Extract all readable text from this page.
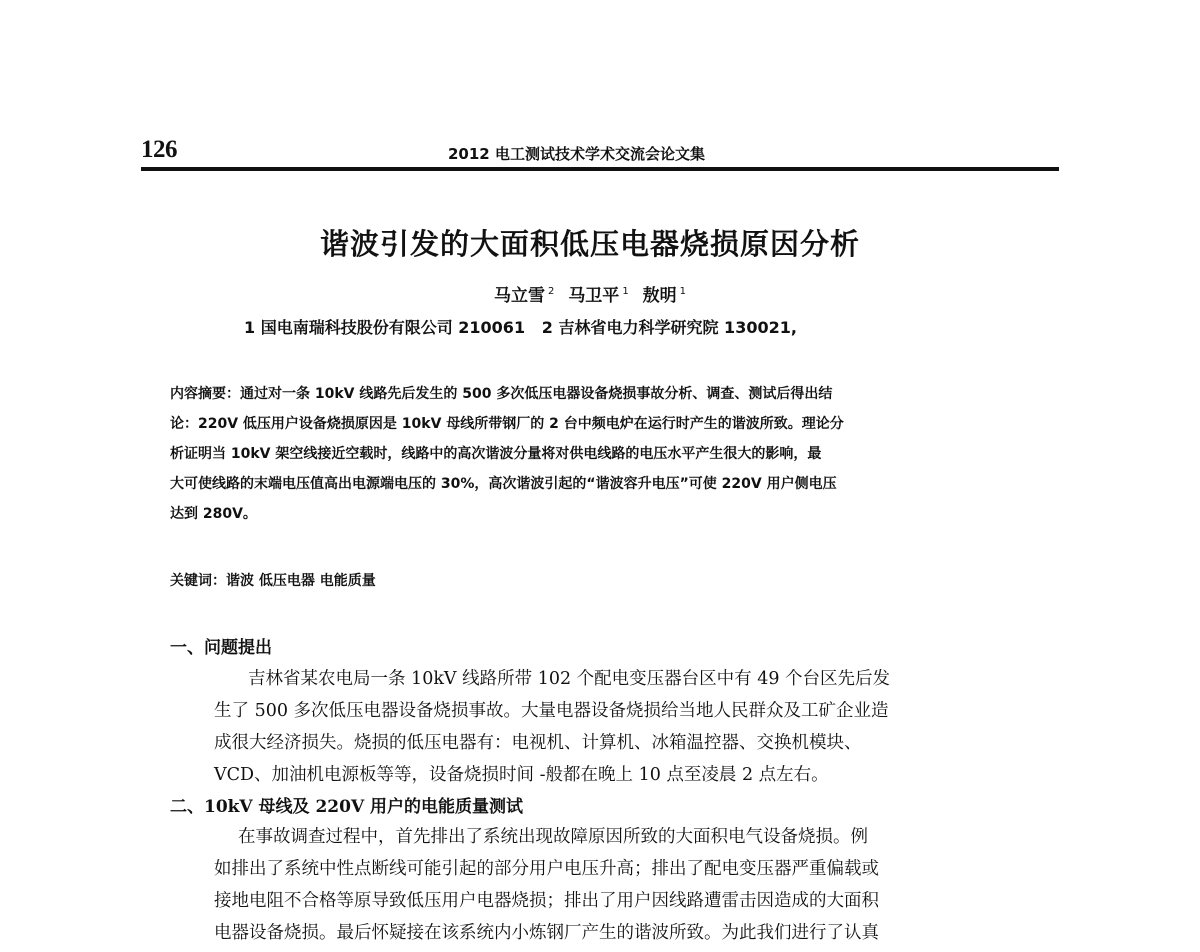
126	2012 电工测试技术学术交流会论文集
谐波引发的大面积低压电器烧损原因分析
马立雪 $^2$ 马卫平 $^1$ 敖明 $^1$
1 国电南瑞科技股份有限公司 210061   2 吉林省电力科学研究院 130021,
内容摘要：通过对一条 10kV 线路先后发生的 500 多次低压电器设备烧损事故分析、调查、测试后得出结
论：220V 低压用户设备烧损原因是 10kV 母线所带钢厂的 2 台中频电炉在运行时产生的谐波所致。理论分
析证明当 10kV 架空线接近空载时，线路中的高次谐波分量将对供电线路的电压水平产生很大的影响，最
大可使线路的末端电压值高出电源端电压的 30%，高次谐波引起的“谐波容升电压”可使 220V 用户侧电压
达到 280V。
关键词：谐波 低压电器 电能质量
一、问题提出
吉林省某农电局一条 10kV 线路所带 102 个配电变压器台区中有 49 个台区先后发
生了 500 多次低压电器设备烧损事故。大量电器设备烧损给当地人民群众及工矿企业造
成很大经济损失。烧损的低压电器有：电视机、计算机、冰箱温控器、交换机模块、
VCD、加油机电源板等等，设备烧损时间 -般都在晚上 10 点至凌晨 2 点左右。
二、10kV 母线及 220V 用户的电能质量测试
在事故调查过程中，首先排出了系统出现故障原因所致的大面积电气设备烧损。例
如排出了系统中性点断线可能引起的部分用户电压升高；排出了配电变压器严重偏载或
接地电阻不合格等原导致低压用户电器烧损；排出了用户因线路遭雷击因造成的大面积
电器设备烧损。最后怀疑接在该系统内小炼钢厂产生的谐波所致。为此我们进行了认真
